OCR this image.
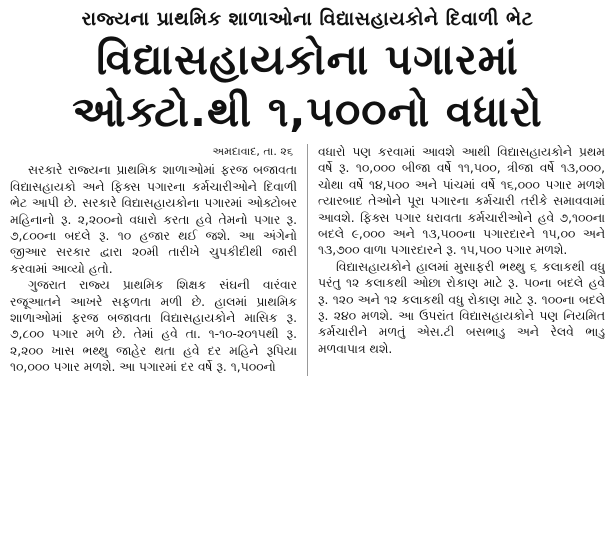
રાજ્યના પ્રાથમિક શાળાઓના વિદ્યાસહાયકોને દિવાળી ભેટ
વિદ્યાસહાયકોના પગારમાં
ઓક્ટો.થી ૧,૫૦૦નો વધારો
અમદાવાદ, તા. ૨૬

સરકારે રાજ્યના પ્રાથમિક શાળાઓમાં ફરજ બજાવતા વિદ્યાસહાયકો અને ફિક્સ પગારના કર્મચારીઓને દિવાળી ભેટ આપી છે. સરકારે વિદ્યાસહાયકોના પગારમાં ઓક્ટોબર મહિનાનો રૂ. ૨,૨૦૦નો વધારો કરતા હવે તેમનો પગાર રૂ. ૭,૮૦૦ના બદલે રૂ. ૧૦ હજાર થઈ જશે. આ અંગેનો જીઆર સરકાર દ્વારા ૨૦મી તારીખે ચુપકીદીથી જારી કરવામાં આવ્યો હતો.

ગુજરાત રાજ્ય પ્રાથમિક શિક્ષક સંઘની વારંવાર રજૂઆતને આખરે સફળતા મળી છે. હાલમાં પ્રાથમિક શાળાઓમાં ફરજ બજાવતા વિદ્યાસહાયકોને માસિક રૂ. ૭,૮૦૦ પગાર મળે છે. તેમાં હવે તા. ૧-૧૦-૨૦૧૫થી રૂ. ૨,૨૦૦ ખાસ ભથ્થુ જાહેર થતા હવે દર મહિને રૂપિયા ૧૦,૦૦૦ પગાર મળશે. આ પગારમાં દર વર્ષે રૂ. ૧,૫૦૦નો

વધારો પણ કરવામાં આવશે આથી વિદ્યાસહાયકોને પ્રથમ વર્ષે રૂ. ૧૦,૦૦૦ બીજા વર્ષે ૧૧,૫૦૦, ત્રીજા વર્ષે ૧૩,૦૦૦, ચોથા વર્ષે ૧૪,૫૦૦ અને પાંચમાં વર્ષે ૧૬,૦૦૦ પગાર મળશે ત્યારબાદ તેઓને પૂરા પગારના કર્મચારી તરીકે સમાવવામાં આવશે. ફિક્સ પગાર ધરાવતા કર્મચારીઓને હવે ૭,૧૦૦ના બદલે ૯,૦૦૦ અને ૧૩,૫૦૦ના પગારદારને ૧૫,૦૦ અને ૧૩,૭૦૦ વાળા પગારદારને રૂ. ૧૫,૫૦૦ પગાર મળશે.

વિદ્યાસહાયકોને હાલમાં મુસાફરી ભથ્થુ ૬ કલાકથી વધુ પરંતુ ૧૨ કલાકથી ઓછા રોકાણ માટે રૂ. ૫૦ના બદલે હવે રૂ. ૧૨૦ અને ૧૨ કલાકથી વધુ રોકાણ માટે રૂ. ૧૦૦ના બદલે રૂ. ૨૪૦ મળશે. આ ઉપરાંત વિદ્યાસહાયકોને પણ નિયમિત કર્મચારીને મળતું એસ.ટી બસભાડુ અને રેલવે ભાડુ મળવાપાત્ર થશે.
